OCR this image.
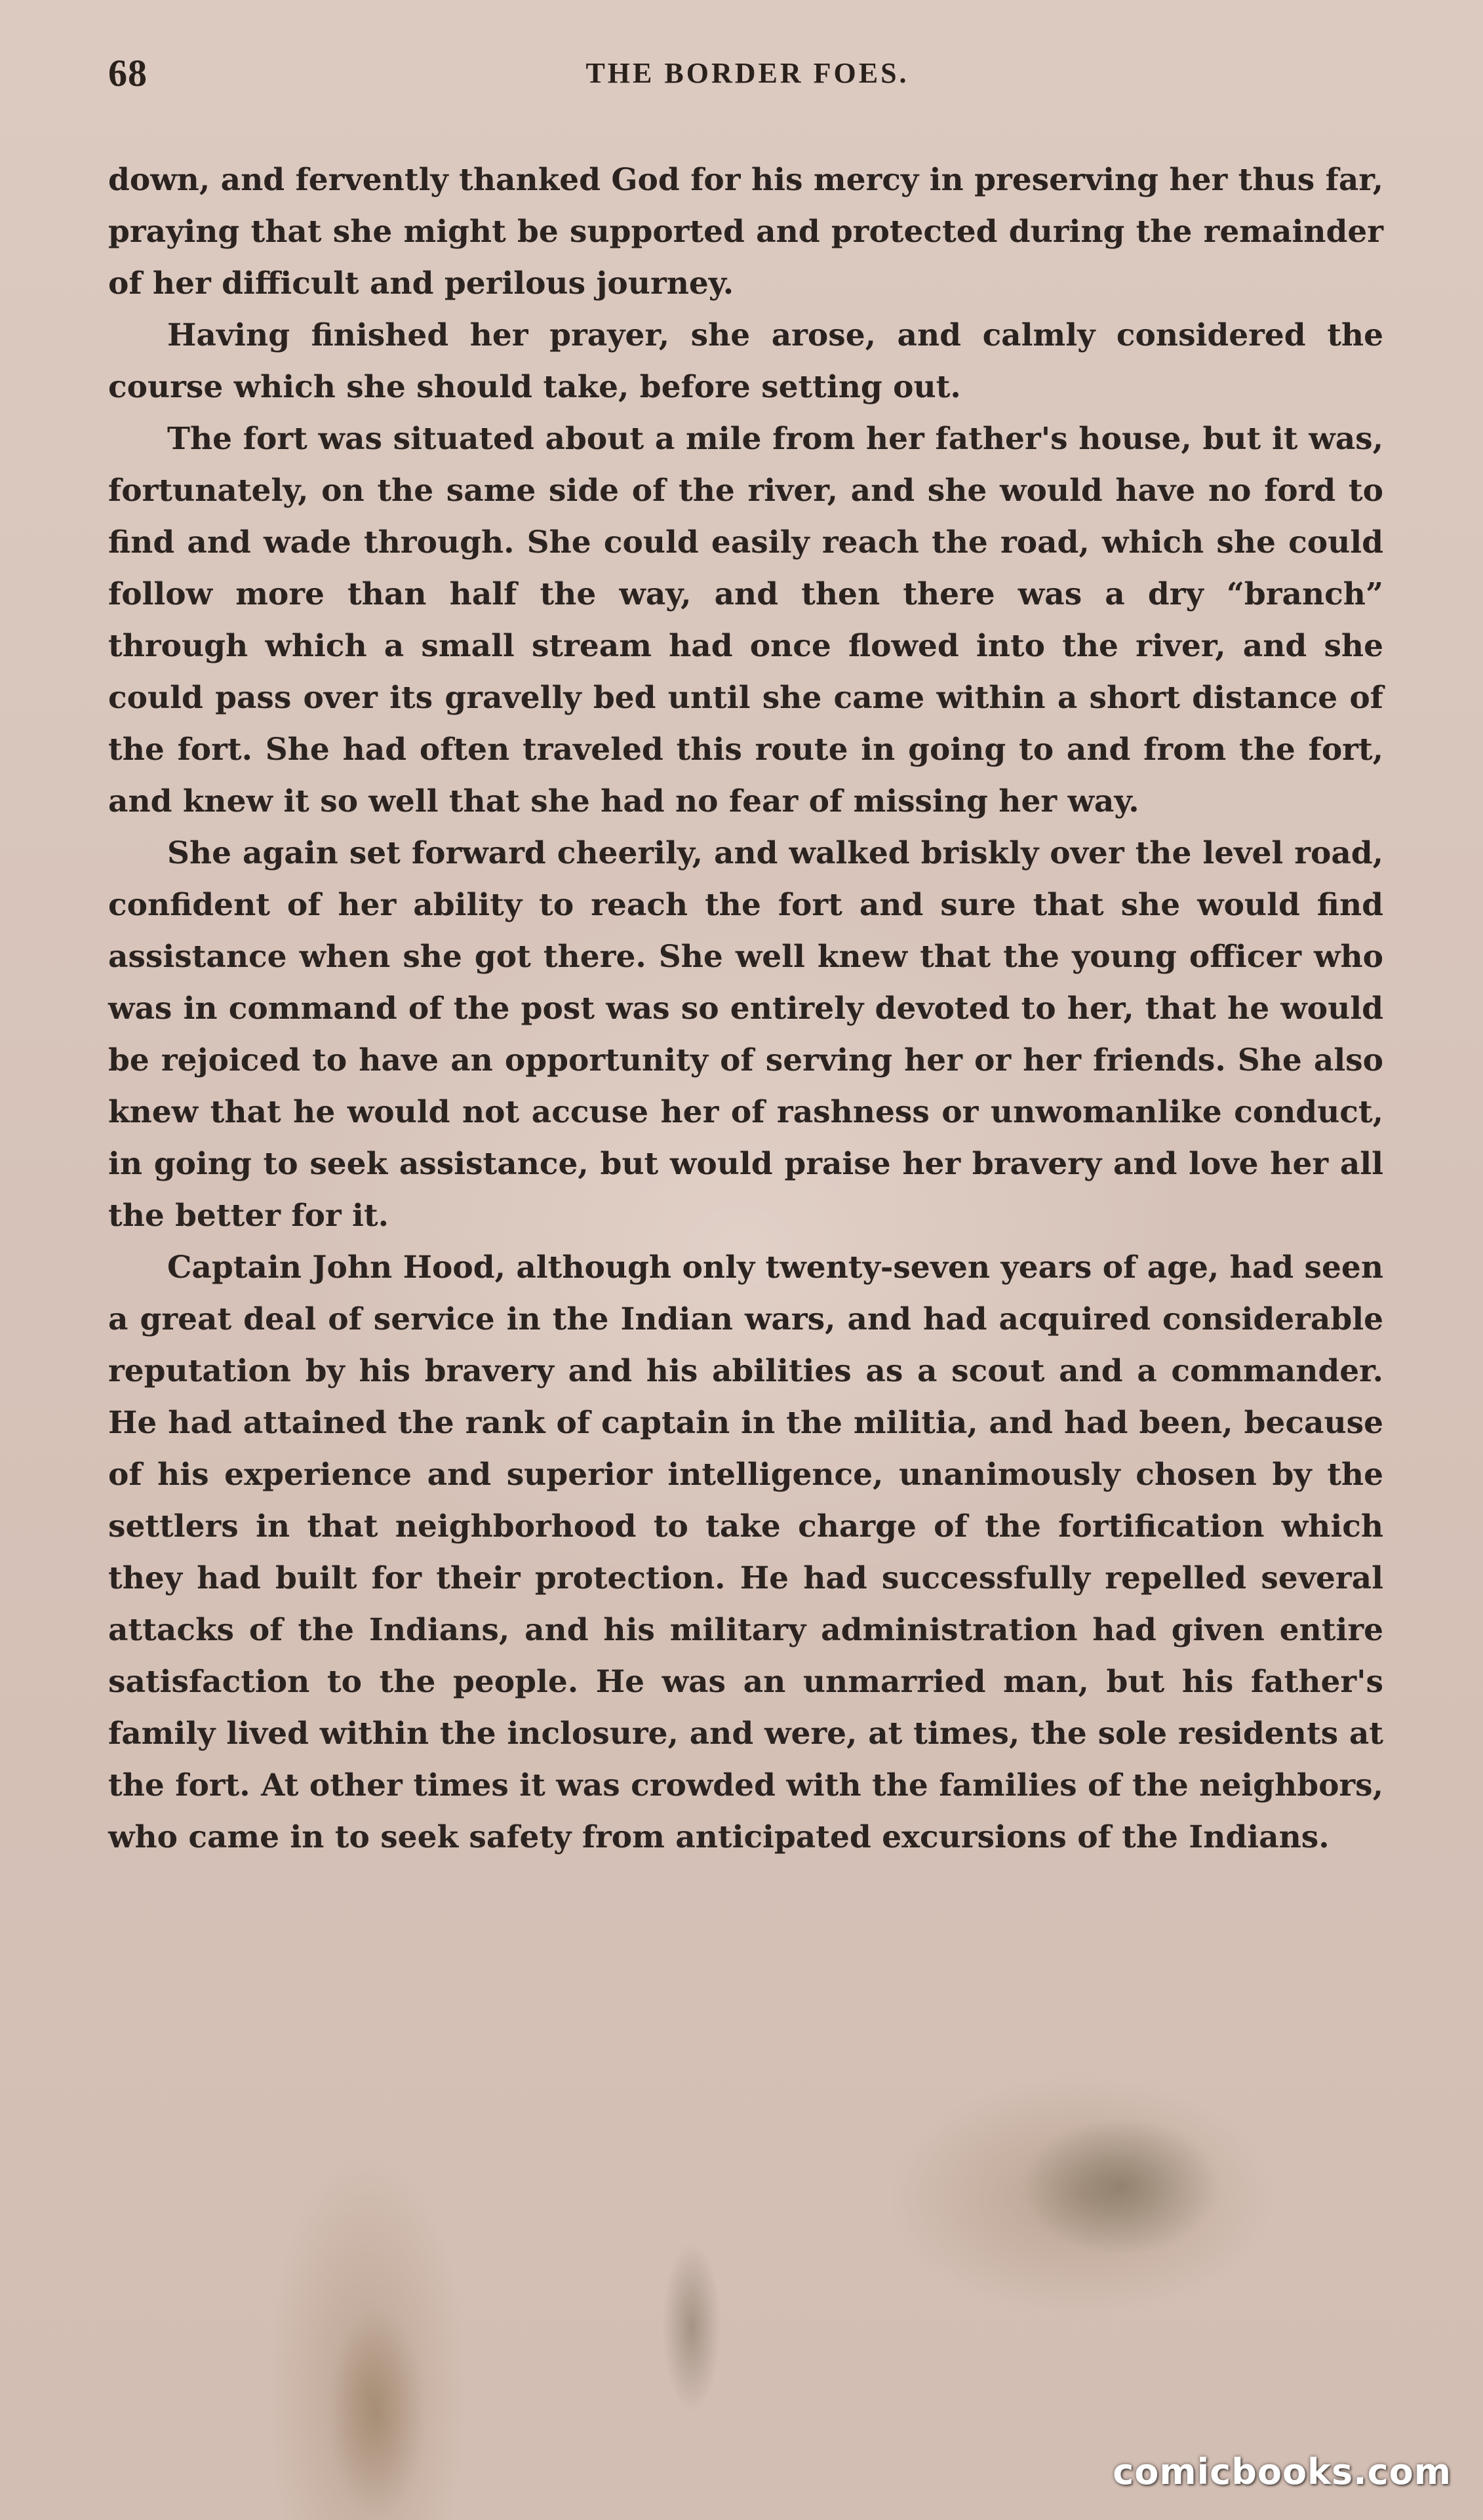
68	THE BORDER FOES.

down, and fervently thanked God for his mercy in preserving her thus far, praying that she might be supported and protected during the remainder of her difficult and perilous journey.

Having finished her prayer, she arose, and calmly considered the course which she should take, before setting out.

The fort was situated about a mile from her father's house, but it was, fortunately, on the same side of the river, and she would have no ford to find and wade through. She could easily reach the road, which she could follow more than half the way, and then there was a dry “branch” through which a small stream had once flowed into the river, and she could pass over its gravelly bed until she came within a short distance of the fort. She had often traveled this route in going to and from the fort, and knew it so well that she had no fear of missing her way.

She again set forward cheerily, and walked briskly over the level road, confident of her ability to reach the fort and sure that she would find assistance when she got there. She well knew that the young officer who was in command of the post was so entirely devoted to her, that he would be rejoiced to have an opportunity of serving her or her friends. She also knew that he would not accuse her of rashness or unwomanlike conduct, in going to seek assistance, but would praise her bravery and love her all the better for it.

Captain John Hood, although only twenty-seven years of age, had seen a great deal of service in the Indian wars, and had acquired considerable reputation by his bravery and his abilities as a scout and a commander. He had attained the rank of captain in the militia, and had been, because of his experience and superior intelligence, unanimously chosen by the settlers in that neighborhood to take charge of the fortification which they had built for their protection. He had successfully repelled several attacks of the Indians, and his military administration had given entire satisfaction to the people. He was an unmarried man, but his father's family lived within the inclosure, and were, at times, the sole residents at the fort. At other times it was crowded with the families of the neighbors, who came in to seek safety from anticipated excursions of the Indians.

comicbooks.com
